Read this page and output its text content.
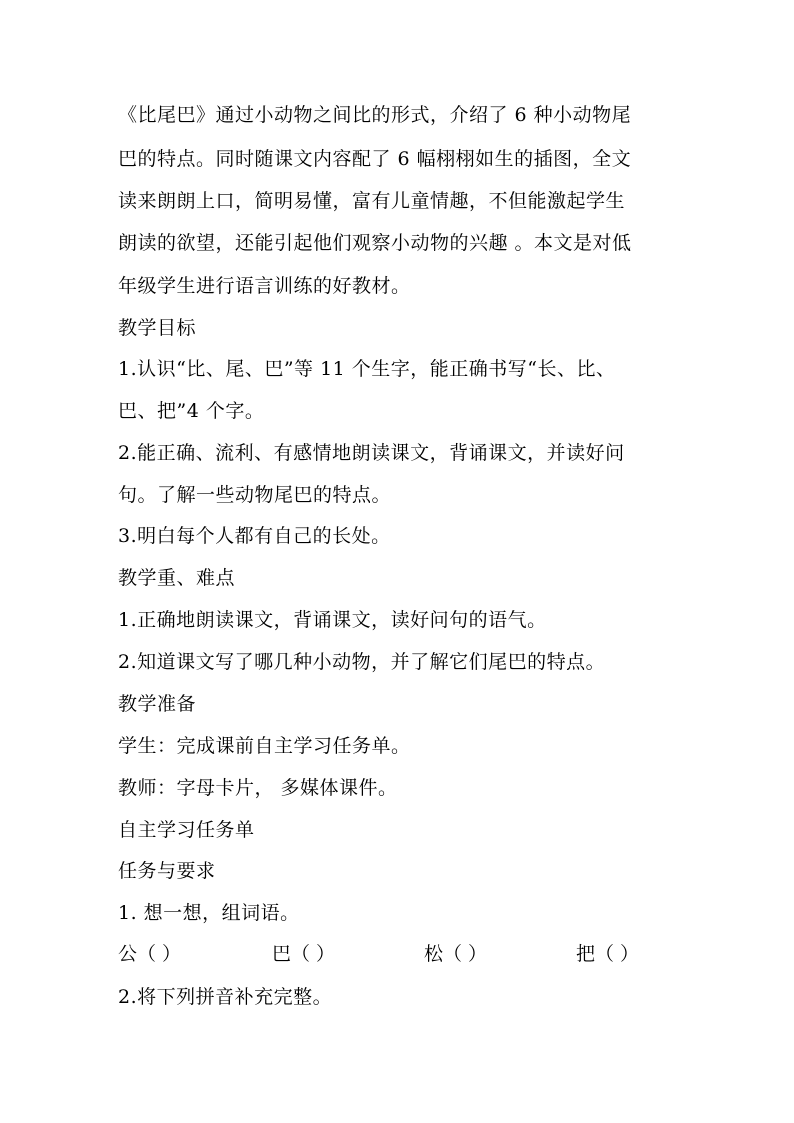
《比尾巴》通过小动物之间比的形式，介绍了 6 种小动物尾
巴的特点。同时随课文内容配了 6 幅栩栩如生的插图，全文
读来朗朗上口，简明易懂，富有儿童情趣，不但能激起学生
朗读的欲望，还能引起他们观察小动物的兴趣 。本文是对低
年级学生进行语言训练的好教材。
教学目标
1.认识“比、尾、巴”等 11 个生字，能正确书写“长、比、
巴、把”4 个字。
2.能正确、流利、有感情地朗读课文，背诵课文，并读好问
句。了解一些动物尾巴的特点。
3.明白每个人都有自己的长处。
教学重、难点
1.正确地朗读课文，背诵课文，读好问句的语气。
2.知道课文写了哪几种小动物，并了解它们尾巴的特点。
教学准备
学生：完成课前自主学习任务单。
教师：字母卡片， 多媒体课件。
自主学习任务单
任务与要求
1. 想一想，组词语。
公（ ）	巴（ ）	松（ ）	把（ ）
2.将下列拼音补充完整。
